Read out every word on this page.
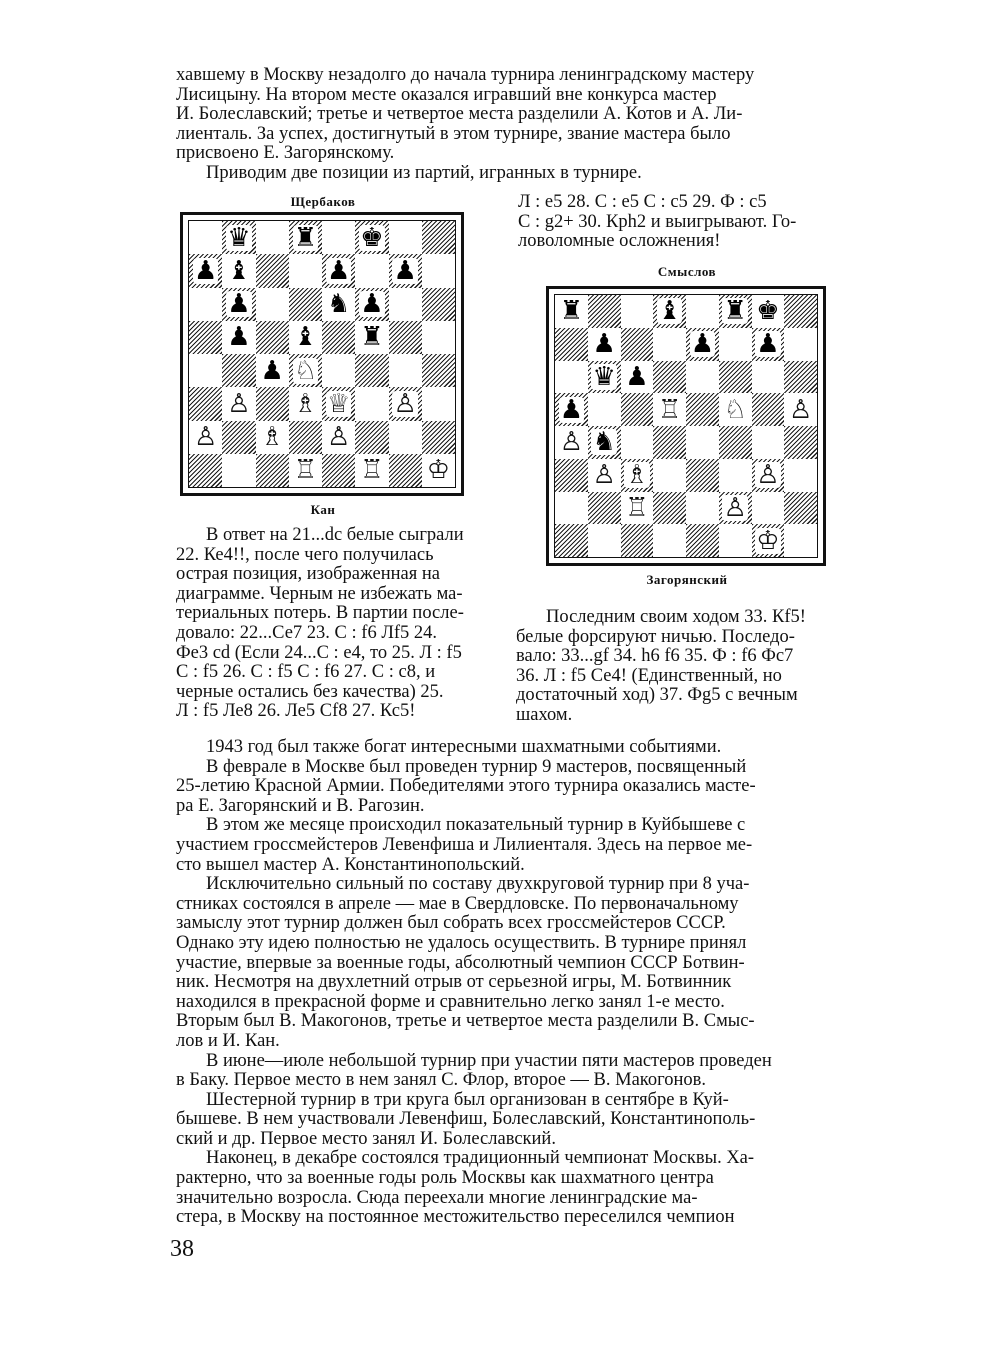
хавшему в Москву незадолго до начала турнира ленинградскому мастеру

Лисицыну. На втором месте оказался игравший вне конкурса мастер

И. Болеславский; третье и четвертое места разделили А. Котов и А. Ли-

лиенталь. За успех, достигнутый в этом турнире, звание мастера было

присвоено Е. Загорянскому.

Приводим две позиции из партий, игранных в турнире.

Щербаков
♛ ♜ ♚
♟ ♝	♟ ♟
♟	♞ ♟
♟ ♝ ♜
♟ ♘
♙ ♗ ♕ ♙
♙ ♗ ♙
♖ ♖ ♔
Кан

В ответ на 21...dc белые сыграли

22. Ке4!!, после чего получилась

острая позиция, изображенная на

диаграмме. Черным не избежать ма-

териальных потерь. В партии после-

довало: 22...Се7 23. С : f6 Лf5 24.

Фе3 cd (Если 24...С : е4, то 25. Л : f5

С : f5 26. С : f5 С : f6 27. С : с8, и

черные остались без качества) 25.

Л : f5 Ле8 26. Ле5 Сf8 27. Кс5!

Л : е5 28. С : е5 С : с5 29. Ф : с5

С : g2+ 30. Крh2 и выигрывают. Го-

ловоломные осложнения!

Смыслов
♜	♝ ♜ ♚
♟	♟ ♟
♛ ♟
♟	♖ ♘ ♙
♙ ♞
♙ ♗	♙
♖	♙
♔
Загорянский

Последним своим ходом 33. Кf5!

белые форсируют ничью. Последо-

вало: 33...gf 34. h6 f6 35. Ф : f6 Фс7

36. Л : f5 Се4! (Единственный, но

достаточный ход) 37. Фg5 с вечным

шахом.

1943 год был также богат интересными шахматными событиями.

В феврале в Москве был проведен турнир 9 мастеров, посвященный

25-летию Красной Армии. Победителями этого турнира оказались масте-

ра Е. Загорянский и В. Рагозин.

В этом же месяце происходил показательный турнир в Куйбышеве с

участием гроссмейстеров Левенфиша и Лилиенталя. Здесь на первое ме-

сто вышел мастер А. Константинопольский.

Исключительно сильный по составу двухкруговой турнир при 8 уча-

стниках состоялся в апреле — мае в Свердловске. По первоначальному

замыслу этот турнир должен был собрать всех гроссмейстеров СССР.

Однако эту идею полностью не удалось осуществить. В турнире принял

участие, впервые за военные годы, абсолютный чемпион СССР Ботвин-

ник. Несмотря на двухлетний отрыв от серьезной игры, М. Ботвинник

находился в прекрасной форме и сравнительно легко занял 1-е место.

Вторым был В. Макогонов, третье и четвертое места разделили В. Смыс-

лов и И. Кан.

В июне—июле небольшой турнир при участии пяти мастеров проведен

в Баку. Первое место в нем занял С. Флор, второе — В. Макогонов.

Шестерной турнир в три круга был организован в сентябре в Куй-

бышеве. В нем участвовали Левенфиш, Болеславский, Константинополь-

ский и др. Первое место занял И. Болеславский.

Наконец, в декабре состоялся традиционный чемпионат Москвы. Ха-

рактерно, что за военные годы роль Москвы как шахматного центра

значительно возросла. Сюда переехали многие ленинградские ма-

стера, в Москву на постоянное местожительство переселился чемпион

38
